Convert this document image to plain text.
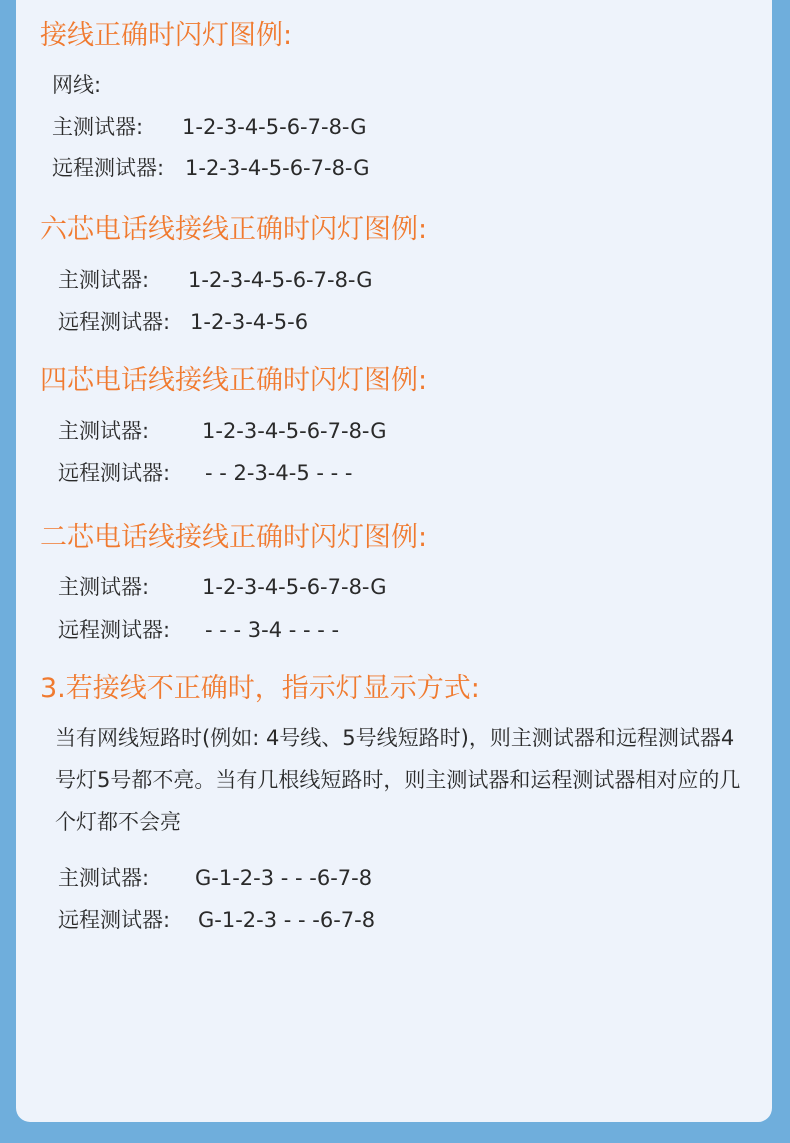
接线正确时闪灯图例:
网线:
主测试器: 1-2-3-4-5-6-7-8-G
远程测试器: 1-2-3-4-5-6-7-8-G
六芯电话线接线正确时闪灯图例:
主测试器: 1-2-3-4-5-6-7-8-G
远程测试器: 1-2-3-4-5-6
四芯电话线接线正确时闪灯图例:
主测试器:	1-2-3-4-5-6-7-8-G
远程测试器: - - 2-3-4-5 - - -
二芯电话线接线正确时闪灯图例:
主测试器:	1-2-3-4-5-6-7-8-G
远程测试器: - - - 3-4 - - - -
3.若接线不正确时，指示灯显示方式:
当有网线短路时(例如: 4号线、5号线短路时)，则主测试器和远程测试器4号灯5号都不亮。当有几根线短路时，则主测试器和运程测试器相对应的几个灯都不会亮
主测试器: G-1-2-3 - - -6-7-8
远程测试器: G-1-2-3 - - -6-7-8
